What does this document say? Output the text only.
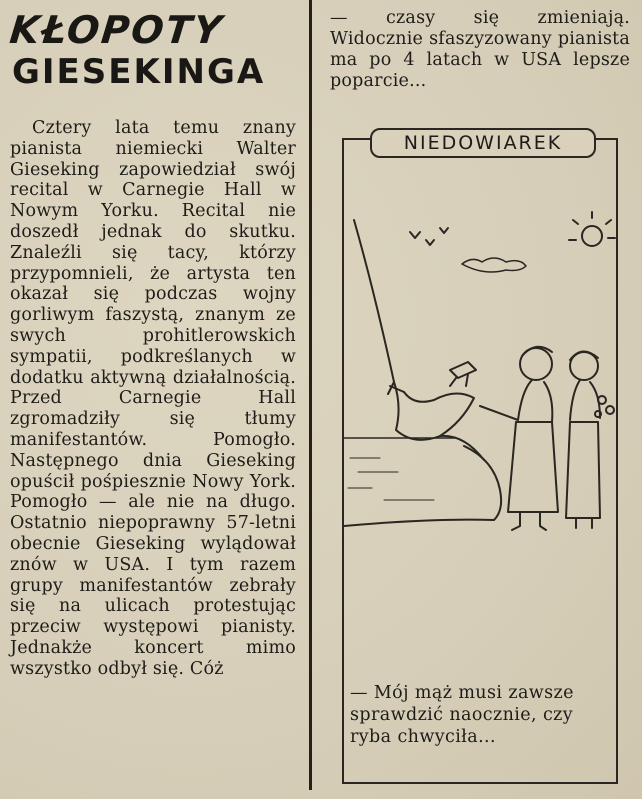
KŁOPOTY
GIESEKINGA

Cztery lata temu znany pianista niemiecki Walter Gieseking zapowiedział swój recital w Carnegie Hall w Nowym Yorku. Recital nie doszedł jednak do skutku. Znaleźli się tacy, którzy przypomnieli, że artysta ten okazał się podczas wojny gorliwym faszystą, znanym ze swych prohitlerowskich sympatii, podkreślanych w dodatku aktywną działalnością. Przed Carnegie Hall zgromadziły się tłumy manifestantów. Pomogło. Następnego dnia Gieseking opuścił pośpiesznie Nowy York. Pomogło — ale nie na długo. Ostatnio niepoprawny 57-letni obecnie Gieseking wylądował znów w USA. I tym razem grupy manifestantów zebrały się na ulicach protestując przeciw występowi pianisty. Jednakże koncert mimo wszystko odbył się. Cóż

— czasy się zmieniają. Widocznie sfaszyzowany pianista ma po 4 latach w USA lepsze poparcie...

NIEDOWIAREK

— Mój mąż musi zawsze sprawdzić naocznie, czy ryba chwyciła...
